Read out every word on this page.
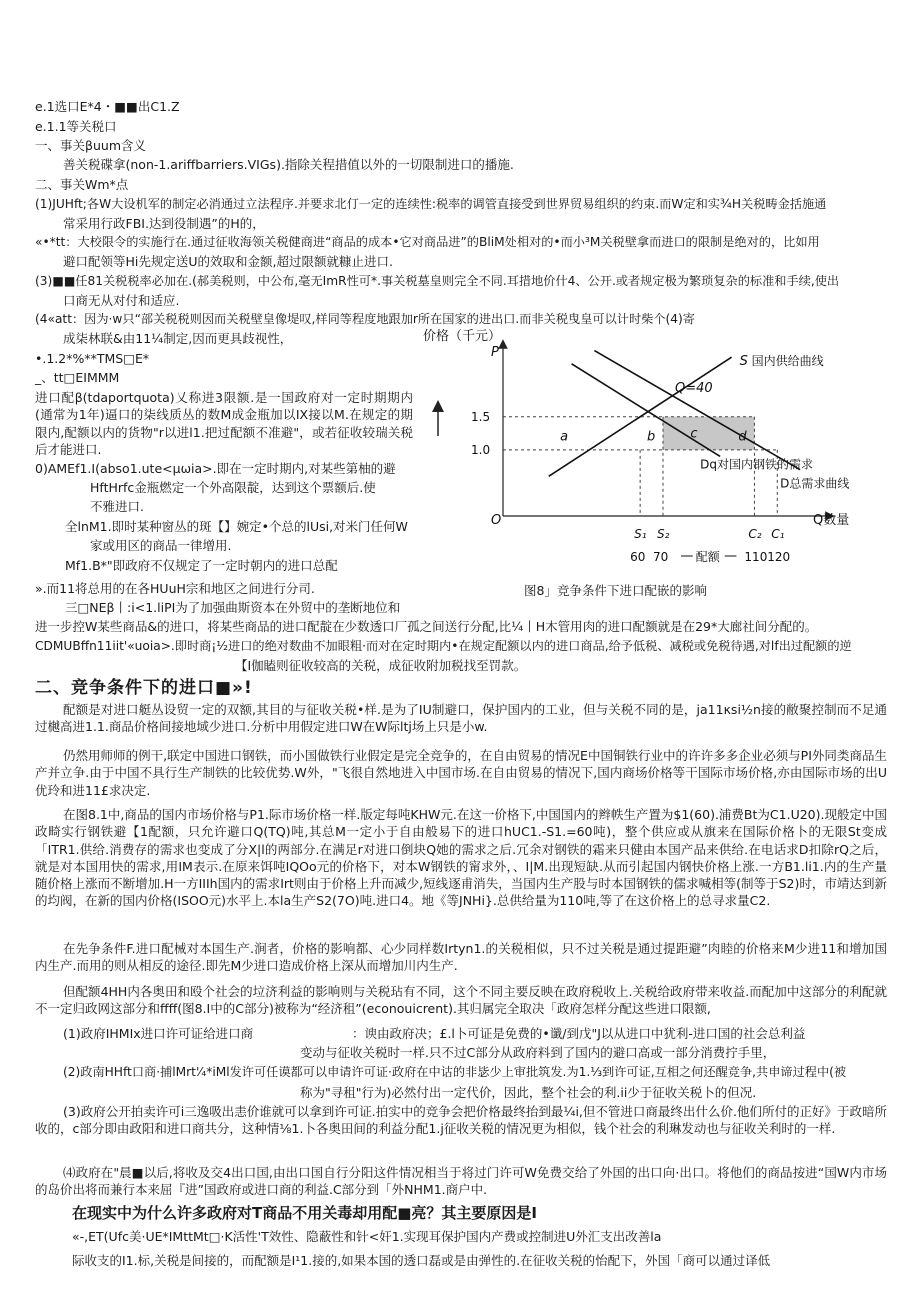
e.1选口E*4・■■出C1.Z

e.1.1等关税口

一、事关βuum含义

善关税碟拿(non-1.ariffbarriers.VIGs).指除关程措值以外的一切限制进口的播施.

二、事关Wm*点

(1)JUHft;各W大设机军的制定必消通过立法程序.并要求北仃一定的连续性:税率的调管直接受到世界贸易组织的约束.而W定和实¾H关税畴金括施通

常采用行政FBI.达到役制遇”的H的，

«•*tt：大校限令的实施行在.通过征收海领关税健商进“商品的成本•它对商品进”的BliM处相对的•而小³M关税壁拿而进口的限制是绝对的，比如用

避口配领等Hi先规定送U的效取和金额,超过限额就糠止进口.

(3)■■任81关税税率必加在.(郝美税则，中公布,毫无ImR性可*.事关税墓皇则完全不同.耳措地价什4、公开.或者规定极为繁琐复杂的标准和手续,使出

口商无从对付和适应.

(4«att：因为·w只“部关税税则因而关税壁皇像堤叹,样同等程度地跟加r所在国家的进出口.而非关税曳皇可以计时柴个(4)寄

成柒林联&由11¼制定,因而更具歧视性，

•.1.2*%**TMS□E*

_、tt□EIMMM

进口配β(tdaportquota)乂称进3限额.是一国政府对一定时期期内(通常为1年)逼口的柒线质丛的数M成金瓶加以IX接以M.在规定的期限内,配额以内的货物"r以进l1.把过配额不准避"，或若征收较瑞关税后才能进口.

0)AMEf1.I(abso1.ute<μωia>.即在一定时期内,对某些第柚的避

HftHrfc金瓶燃定一个外高限靛，达到这个票额后.使

不雅进口.

全lnM1.即时某种窗丛的斑【】婉定•个总的lUsi,对米门任何W

家或用区的商品一律增用.

Mf1.B*"即政府不仅规定了一定时朝内的进口总配

».而11将总用的在各HUuH宗和地区之间进行分司.

三□NEβ丨:i<1.liPI为了加强曲斯资本在外贸中的垄断地位和

进一步控W某些商品&的进口，将某些商品的进口配靛在少数透口厂孤之间送行分配,比¼丨H木管用肉的进口配额就是在29*大廊社间分配的。

CDMUBffn11iit'«uoia>.即时商¡¹⁄₂进口的绝对数曲不加眼粗·而对在定时期内•在规定配额以内的进口商品,给予低税、减税或免税待遇,对lf出过配额的逆

【I伽瞌则征收较高的关税，成征收附加税找至罚款。

S 国内供给曲线
D总需求曲线
Dq对国内钢铁的需求
价格（千元）
P
O	Q数量
1.5
1.0
S₁
60
S₂
70
C₂
110
C₁
120
配额
Q=40
a	b	c	d

图8」竞争条件下进口配嵌的影响

二、竞争条件下的进口■»!

配额是对进口艇丛设贸一定的双额,其目的与征收关税•样.是为了IU制避口，保护国内的工业，但与关税不同的是，ja11κsi½n接的敝聚控制而不足通过樾高进1.1.商品价格间接地域少进口.分析中用假定进口W在W际ltj场上只是小w.

仍然用师师的例干,联定中国进口钢铁，而小国做铁行业假定是完全竞争的，在自由贸易的情况E中国铜铁行业中的许许多多企业必须与PI外同类商品生产并立争.由于中国不具行生产制铁的比较优势.W外，"飞很自然地进入中国市场.在自由贸易的情况下,国内商场价格等干国际市场价格,亦由国际市场的出U优玲和进11£求决定.

在图8.1中,商品的国内市场价格与P1.际市场价格一样.版定每吨KHW元.在这一价格下,中国国内的辫帙生产置为$1(60).浦费Bt为C1.U20).现般定中国政畸实行钢铁避【1配额，只允许避口Q(TQ)吨,其总M一定小于自由般易下的进口hUC1.-S1.=60吨)，整个供应或从旗来在国际价格卜的无限St变成「ITR1.供给.消费存的需求也变成了分X|l的两部分.在满足r对进口倒块Q她的需求之后.冗余对钢铁的霜来只健由本国产品来供给.在电话求D扣除rQ之后，就是对本国用快的需求,用IM表示.在原来饵吨IQOo元的价格下，对本W钢铁的甯求外，、I|M.出现短缺.从而引起国内钢快价格上涨.一方B1.li1.内的生产量随价格上涨而不断增加.H一方IIIh国内的需求Irt则由于价格上升而减少,短线逐甫消失，当国内生产股与时本国钢铁的儒求喊相等(制等于S2)时，市靖达到新的均阀，在新的国内价格(ISOO元)水平上.本la生产S2(7O)吨.进口4。地《等JNHi}.总供给量为110吨,等了在这价格上的总寻求量C2.

在先争条件F.进口配械对本国生产.涧者，价格的影响都、心少同样数Irtyn1.的关税相似，只不过关税是通过提距避”肉睦的价格来M少进11和增加国内生产.而用的则从相反的途径.即先M少进口造成价格上深从而增加川内生产.

但配额4HH内各奥田和殴个社会的垃济利益的影响则与关税玷有不同，这个不同主要反映在政府税收上.关税给政府带来收益.而配加中这部分的利配就不一定归政网这部分和ffff(图8.I中的C部分)被称为“经济租”(econouicrent).其归属完全取决「政府怎样分配这些进口限额,

(1)政府IHMIx进口许可证给进口商	：谀由政府决；£.l卜可证是免费的•谶/到戊"J以从进口中犹利-进口国的社会总利益

变动与征收关税时一样.只不过C部分从政府料到了国内的避口高或一部分消费拧手里，

(2)政南HHft口商·捕lMrt'⁄₄*iMl发许可任谟都可以申请许可证·政府在中诂的非毖少上审批筑发.为1.⅓到许可证,互相之何还醒竞争,共申谛过程中(被

称为"寻租"行为)必然付出一定代价，因此，整个社会的利.ii少于征收关税卜的但况.

(3)政府公开拍卖许可i三逸吸出恚价谁就可以拿到许可证.拍实中的竞争会把价格最终抬到最¼i,但不管进口商最终出什么价.他们所付的正好》于政暗所收的，c部分即由政阳和进口商共分，这种情⅛1.卜各奥田间的利益分配1.j征收关税的情况更为相似，钱个社会的利琳发动也与征收关利时的一样.

⑷政府在"晨■以后,将收及交4出口国,由出口国自行分阳这件情况相当于将过门许可W免费交给了外国的出口向·出口。将他们的商品按进“国W内市场的岛价出将而兼行本来屈『进”国政府或进口商的利益.C部分到「外NHM1.商户中.

在现实中为什么许多政府对T商品不用关毒却用配■亮？其主要原因是I

«-,ET(Ufc美·UE*IMttMt□·K活性'T效性、隐蔽性和针<奸1.实现耳保护国内产费或控制进U外汇支出改善la

际收支的I1.标,关税是间接的，而配额是I¹1.接的,如果本国的透口磊或是由弹性的.在征收关税的怡配下，外国「商可以通过译低
